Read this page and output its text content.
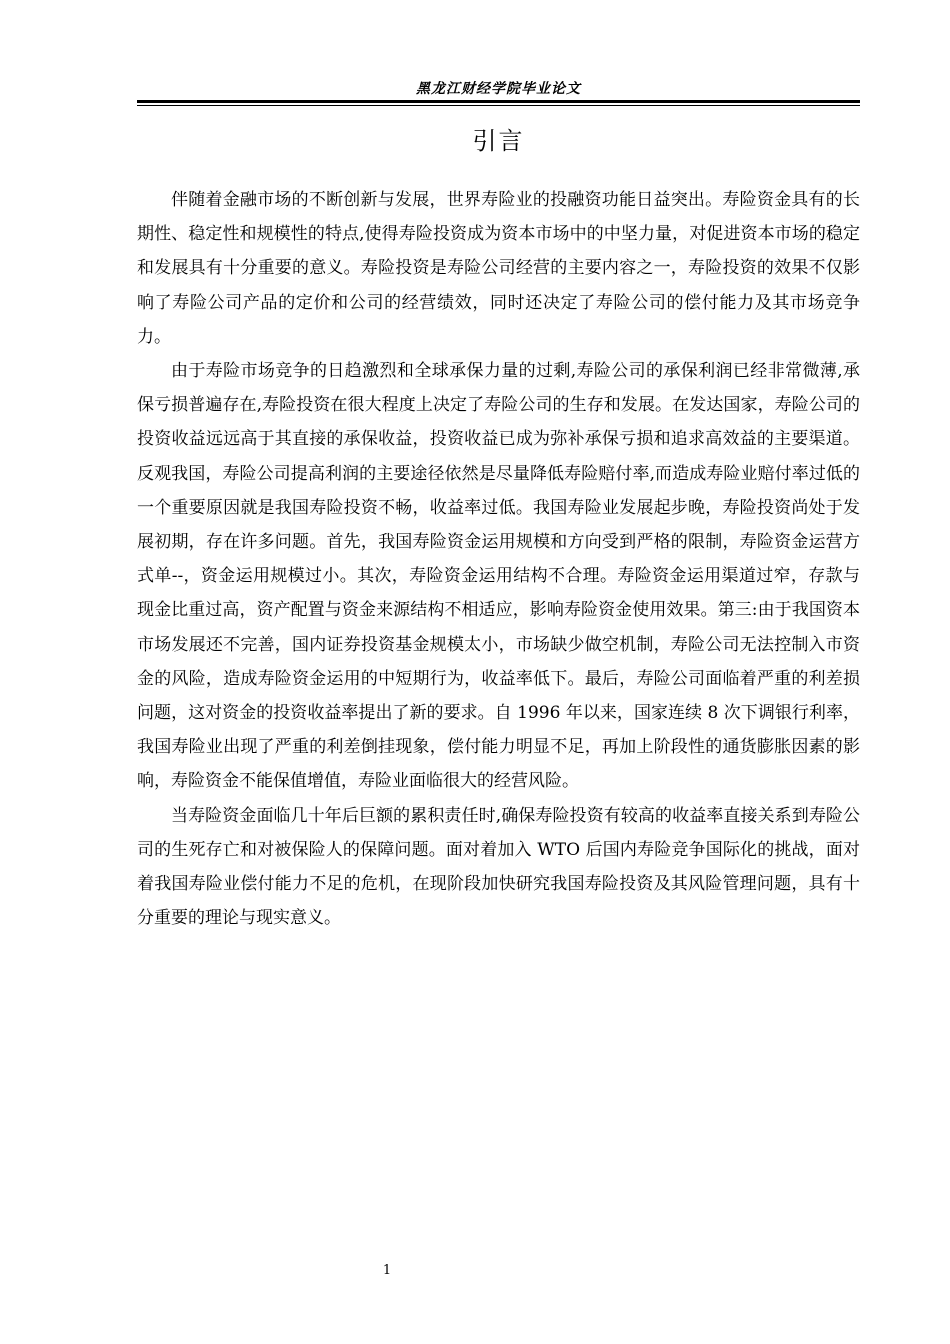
黑龙江财经学院毕业论文
引言

伴随着金融市场的不断创新与发展，世界寿险业的投融资功能日益突出。寿险资金具有的长期性、稳定性和规模性的特点,使得寿险投资成为资本市场中的中坚力量，对促进资本市场的稳定和发展具有十分重要的意义。寿险投资是寿险公司经营的主要内容之一，寿险投资的效果不仅影响了寿险公司产品的定价和公司的经营绩效，同时还决定了寿险公司的偿付能力及其市场竞争力。

由于寿险市场竞争的日趋激烈和全球承保力量的过剩,寿险公司的承保利润已经非常微薄,承保亏损普遍存在,寿险投资在很大程度上决定了寿险公司的生存和发展。在发达国家，寿险公司的投资收益远远高于其直接的承保收益，投资收益已成为弥补承保亏损和追求高效益的主要渠道。反观我国，寿险公司提高利润的主要途径依然是尽量降低寿险赔付率,而造成寿险业赔付率过低的一个重要原因就是我国寿险投资不畅，收益率过低。我国寿险业发展起步晚，寿险投资尚处于发展初期，存在许多问题。首先，我国寿险资金运用规模和方向受到严格的限制，寿险资金运营方式单--，资金运用规模过小。其次，寿险资金运用结构不合理。寿险资金运用渠道过窄，存款与现金比重过高，资产配置与资金来源结构不相适应，影响寿险资金使用效果。第三:由于我国资本市场发展还不完善，国内证券投资基金规模太小，市场缺少做空机制，寿险公司无法控制入市资金的风险，造成寿险资金运用的中短期行为，收益率低下。最后，寿险公司面临着严重的利差损问题，这对资金的投资收益率提出了新的要求。自 1996 年以来，国家连续 8 次下调银行利率，我国寿险业出现了严重的利差倒挂现象，偿付能力明显不足，再加上阶段性的通货膨胀因素的影响，寿险资金不能保值增值，寿险业面临很大的经营风险。

当寿险资金面临几十年后巨额的累积责任时,确保寿险投资有较高的收益率直接关系到寿险公司的生死存亡和对被保险人的保障问题。面对着加入 WTO 后国内寿险竞争国际化的挑战，面对着我国寿险业偿付能力不足的危机，在现阶段加快研究我国寿险投资及其风险管理问题，具有十分重要的理论与现实意义。

1
